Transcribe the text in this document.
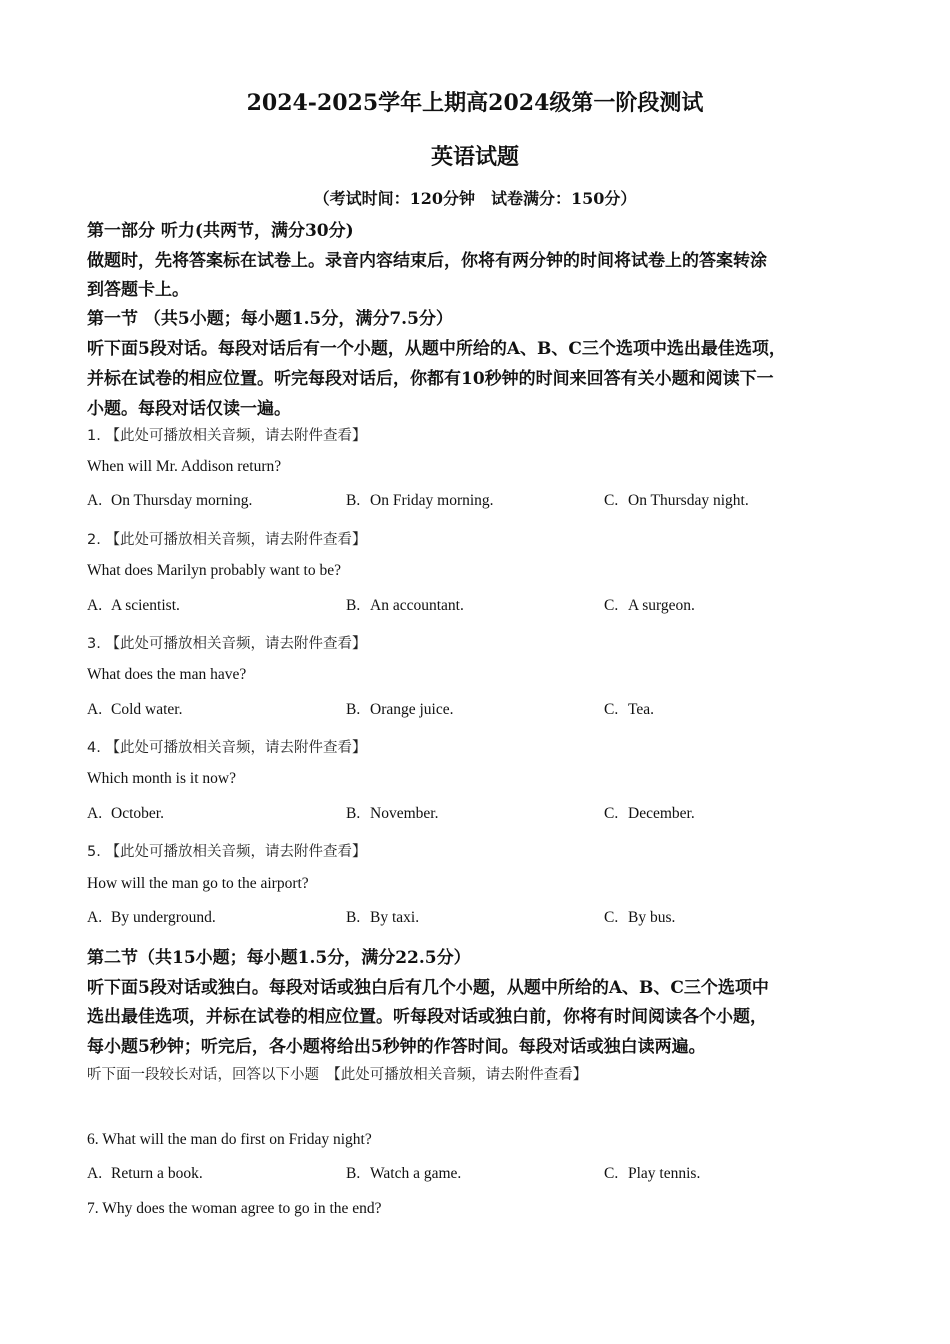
2024-2025学年上期高2024级第一阶段测试
英语试题
（考试时间：120分钟　试卷满分：150分）
第一部分 听力(共两节，满分30分)
做题时，先将答案标在试卷上。录音内容结束后，你将有两分钟的时间将试卷上的答案转涂
到答题卡上。
第一节 （共5小题；每小题1.5分，满分7.5分）
听下面5段对话。每段对话后有一个小题，从题中所给的A、B、C三个选项中选出最佳选项，
并标在试卷的相应位置。听完每段对话后，你都有10秒钟的时间来回答有关小题和阅读下一
小题。每段对话仅读一遍。
1. 【此处可播放相关音频，请去附件查看】
When will Mr. Addison return?
A. On Thursday morning.	B. On Friday morning.	C. On Thursday night.
2. 【此处可播放相关音频，请去附件查看】
What does Marilyn probably want to be?
A. A scientist.	B. An accountant.	C. A surgeon.
3. 【此处可播放相关音频，请去附件查看】
What does the man have?
A. Cold water.	B. Orange juice.	C. Tea.
4. 【此处可播放相关音频，请去附件查看】
Which month is it now?
A. October.	B. November.	C. December.
5. 【此处可播放相关音频，请去附件查看】
How will the man go to the airport?
A. By underground.	B. By taxi.	C. By bus.
第二节（共15小题；每小题1.5分，满分22.5分）
听下面5段对话或独白。每段对话或独白后有几个小题，从题中所给的A、B、C三个选项中
选出最佳选项，并标在试卷的相应位置。听每段对话或独白前，你将有时间阅读各个小题，
每小题5秒钟；听完后，各小题将给出5秒钟的作答时间。每段对话或独白读两遍。
听下面一段较长对话，回答以下小题　【此处可播放相关音频，请去附件查看】
6. What will the man do first on Friday night?
A. Return a book.	B. Watch a game.	C. Play tennis.
7. Why does the woman agree to go in the end?
